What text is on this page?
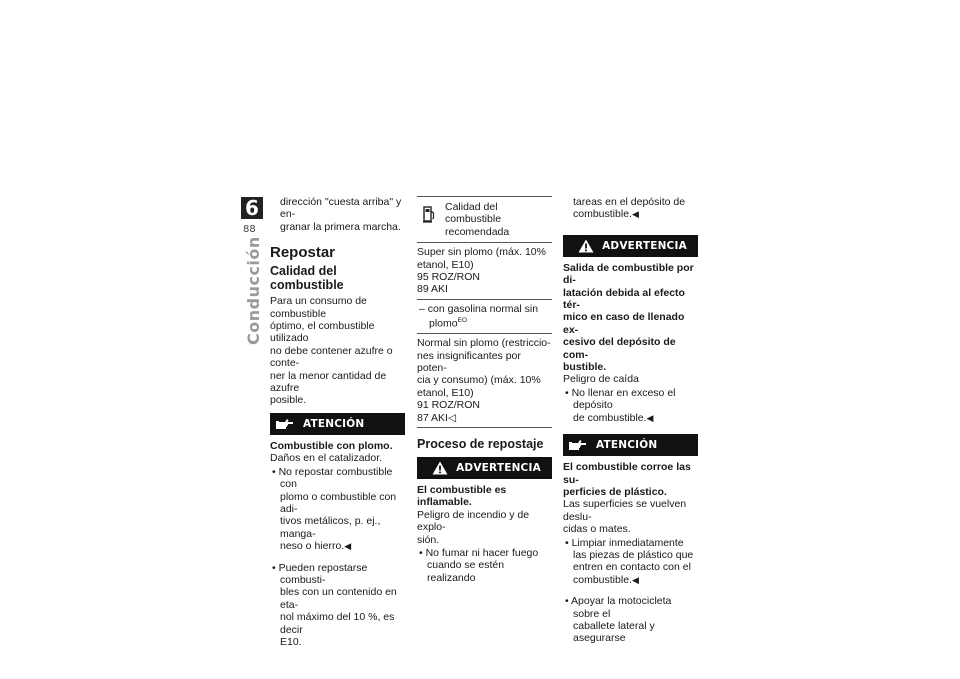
6
88
Conducción

dirección "cuesta arriba" y en-

granar la primera marcha.

Repostar
Calidad del combustible

Para un consumo de combustible

óptimo, el combustible utilizado

no debe contener azufre o conte-

ner la menor cantidad de azufre

posible.

ATENCIÓN

Combustible con plomo.

Daños en el catalizador.

• No repostar combustible con

plomo o combustible con adi-

tivos metálicos, p. ej., manga-

neso o hierro.◀

• Pueden repostarse combusti-

bles con un contenido en eta-

nol máximo del 10 %, es decir

E10.

Calidad del combustible

recomendada

Super sin plomo (máx. 10%

etanol, E10)

95 ROZ/RON

89 AKI

– con gasolina normal sin

plomo$^{EO}$

Normal sin plomo (restriccio-

nes insignificantes por poten-

cia y consumo) (máx. 10%

etanol, E10)

91 ROZ/RON

87 AKI◁

Proceso de repostaje
ADVERTENCIA

El combustible es inflamable.

Peligro de incendio y de explo-

sión.

• No fumar ni hacer fuego

cuando se estén realizando

tareas en el depósito de

combustible.◀

ADVERTENCIA

Salida de combustible por di-

latación debida al efecto tér-

mico en caso de llenado ex-

cesivo del depósito de com-

bustible.

Peligro de caída

• No llenar en exceso el depósito

de combustible.◀

ATENCIÓN

El combustible corroe las su-

perficies de plástico.

Las superficies se vuelven deslu-

cidas o mates.

• Limpiar inmediatamente

las piezas de plástico que

entren en contacto con el

combustible.◀

• Apoyar la motocicleta sobre el

caballete lateral y asegurarse
